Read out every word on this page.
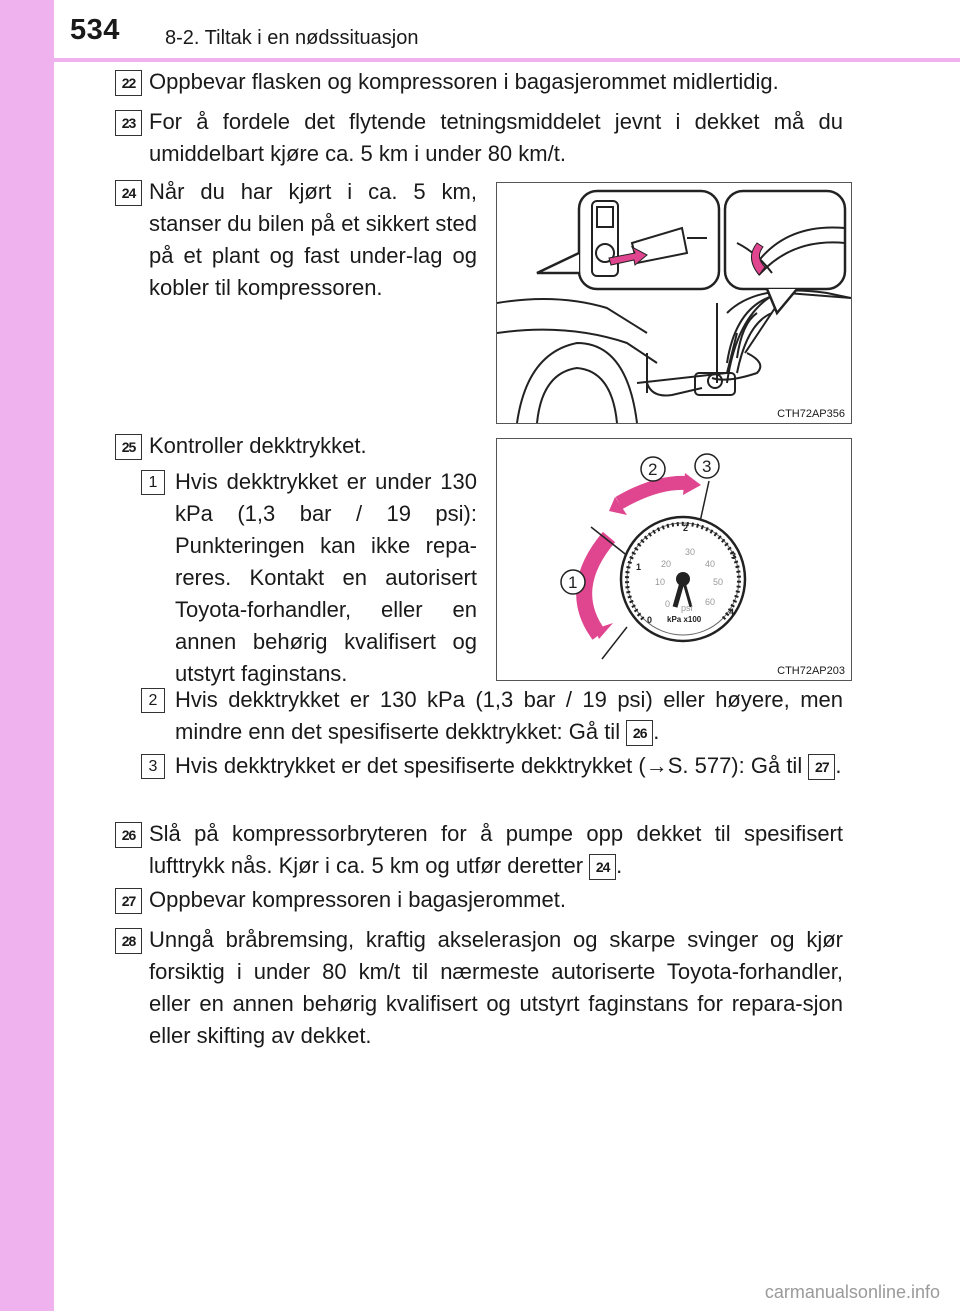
534 8-2. Tiltak i en nødssituasjon
22 Oppbevar flasken og kompressoren i bagasjerommet midlertidig.
23 For å fordele det flytende tetningsmiddelet jevnt i dekket må du umiddelbart kjøre ca. 5 km i under 80 km/t.
24 Når du har kjørt i ca. 5 km, stanser du bilen på et sikkert sted på et plant og fast under-lag og kobler til kompressoren.
CTH72AP356
25 Kontroller dekktrykket.
1 Hvis dekktrykket er under 130 kPa (1,3 bar / 19 psi): Punkteringen kan ikke repa-reres. Kontakt en autorisert Toyota-forhandler, eller en annen behørig kvalifisert og utstyrt faginstans.
0
1
2
3
4
0
10
20
30
40
50
60
psi
kPa x100
1
2	3
CTH72AP203
2 Hvis dekktrykket er 130 kPa (1,3 bar / 19 psi) eller høyere, men mindre enn det spesifiserte dekktrykket: Gå til 26 .
3 Hvis dekktrykket er det spesifiserte dekktrykket (→S. 577): Gå til 27 .
26 Slå på kompressorbryteren for å pumpe opp dekket til spesifisert lufttrykk nås. Kjør i ca. 5 km og utfør deretter 24 .
27 Oppbevar kompressoren i bagasjerommet.
28 Unngå bråbremsing, kraftig akselerasjon og skarpe svinger og kjør forsiktig i under 80 km/t til nærmeste autoriserte Toyota-forhandler, eller en annen behørig kvalifisert og utstyrt faginstans for repara-sjon eller skifting av dekket.
carmanualsonline.info
